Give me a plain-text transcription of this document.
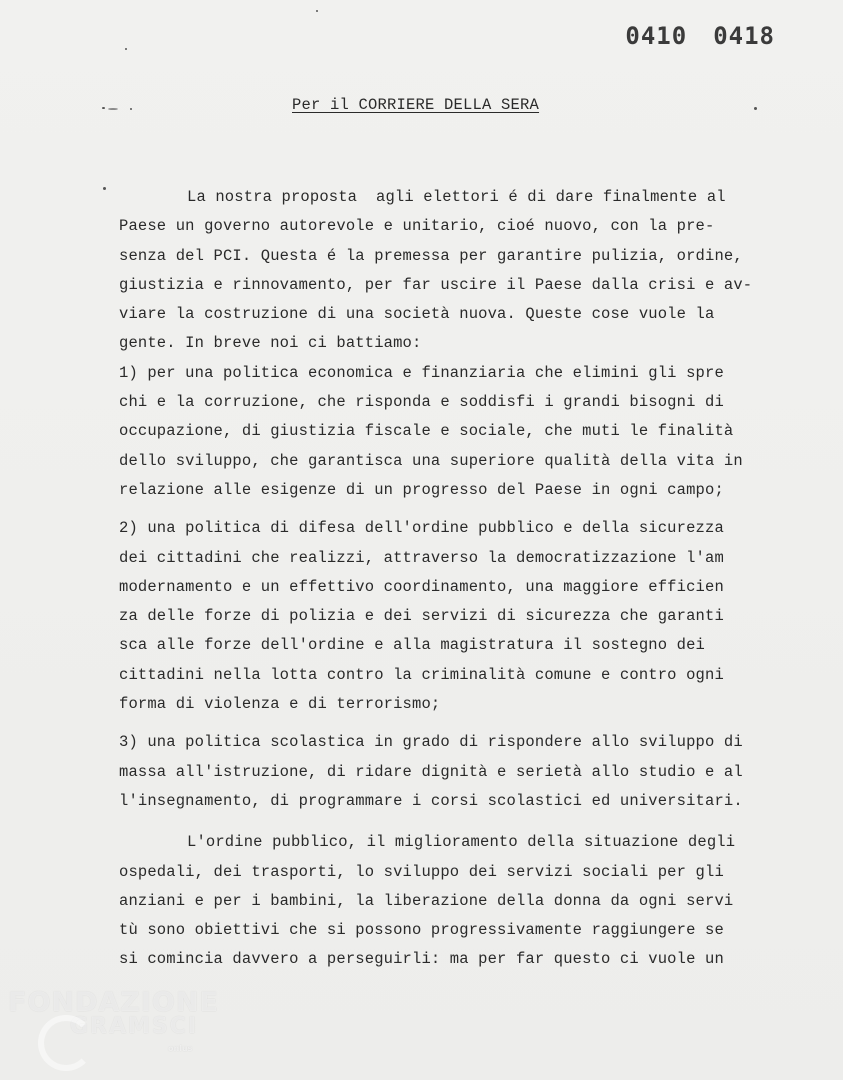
0410 0418
Per il CORRIERE DELLA SERA
La nostra proposta  agli elettori é di dare finalmente al
Paese un governo autorevole e unitario, cioé nuovo, con la pre-
senza del PCI. Questa é la premessa per garantire pulizia, ordine,
giustizia e rinnovamento, per far uscire il Paese dalla crisi e av-
viare la costruzione di una società nuova. Queste cose vuole la
gente. In breve noi ci battiamo:
1) per una politica economica e finanziaria che elimini gli spre
chi e la corruzione, che risponda e soddisfi i grandi bisogni di
occupazione, di giustizia fiscale e sociale, che muti le finalità
dello sviluppo, che garantisca una superiore qualità della vita in
relazione alle esigenze di un progresso del Paese in ogni campo;
2) una politica di difesa dell'ordine pubblico e della sicurezza
dei cittadini che realizzi, attraverso la democratizzazione l'am
modernamento e un effettivo coordinamento, una maggiore efficien
za delle forze di polizia e dei servizi di sicurezza che garanti
sca alle forze dell'ordine e alla magistratura il sostegno dei
cittadini nella lotta contro la criminalità comune e contro ogni
forma di violenza e di terrorismo;
3) una politica scolastica in grado di rispondere allo sviluppo di
massa all'istruzione, di ridare dignità e serietà allo studio e al
l'insegnamento, di programmare i corsi scolastici ed universitari.
L'ordine pubblico, il miglioramento della situazione degli
ospedali, dei trasporti, lo sviluppo dei servizi sociali per gli
anziani e per i bambini, la liberazione della donna da ogni servi
tù sono obiettivi che si possono progressivamente raggiungere se
si comincia davvero a perseguirli: ma per far questo ci vuole un
FONDAZIONE
GRAMSCI
onlus
